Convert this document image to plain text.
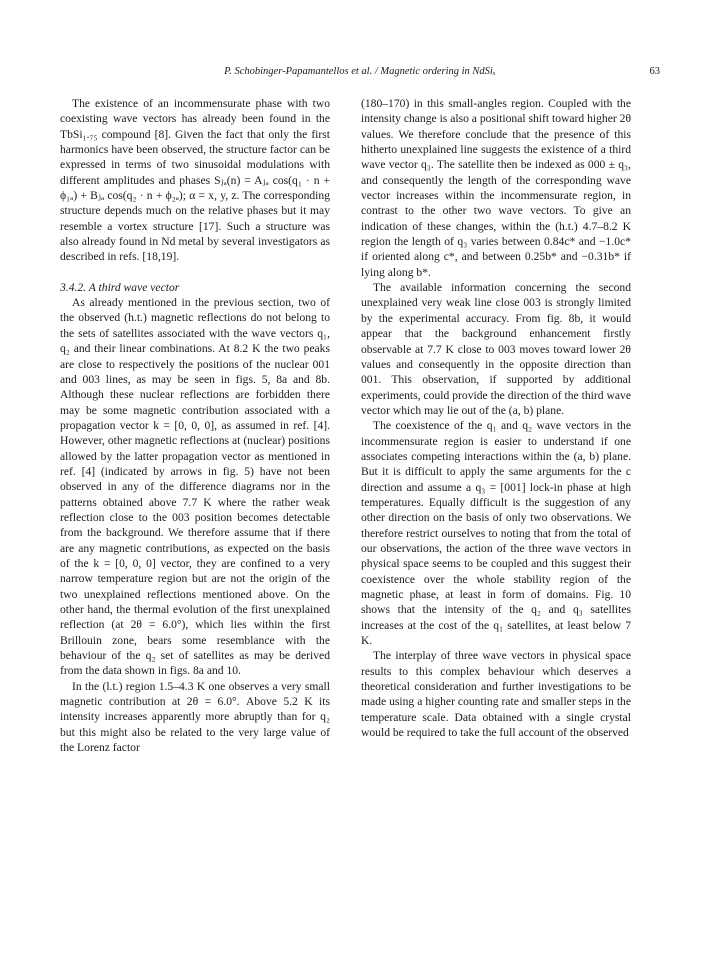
P. Schobinger-Papamantellos et al. / Magnetic ordering in NdSiₓ	63

The existence of an incommensurate phase with two coexisting wave vectors has already been found in the TbSi₁.₇₅ compound [8]. Given the fact that only the first harmonics have been observed, the structure factor can be expressed in terms of two sinusoidal modulations with different amplitudes and phases Sⱼₐ(n) = Aⱼₐ cos(q₁ · n + ϕ₁ₐ) + Bⱼₐ cos(q₂ · n + ϕ₂ₐ); α = x, y, z. The corresponding structure depends much on the relative phases but it may resemble a vortex structure [17]. Such a structure was also already found in Nd metal by several investigators as described in refs. [18,19].

3.4.2. A third wave vector

As already mentioned in the previous section, two of the observed (h.t.) magnetic reflections do not belong to the sets of satellites associated with the wave vectors q₁, q₂ and their linear combinations. At 8.2 K the two peaks are close to respectively the positions of the nuclear 001 and 003 lines, as may be seen in figs. 5, 8a and 8b. Although these nuclear reflections are forbidden there may be some magnetic contribution associated with a propagation vector k = [0, 0, 0], as assumed in ref. [4]. However, other magnetic reflections at (nuclear) positions allowed by the latter propagation vector as mentioned in ref. [4] (indicated by arrows in fig. 5) have not been observed in any of the difference diagrams nor in the patterns obtained above 7.7 K where the rather weak reflection close to the 003 position becomes detectable from the background. We therefore assume that if there are any magnetic contributions, as expected on the basis of the k = [0, 0, 0] vector, they are confined to a very narrow temperature region but are not the origin of the two unexplained reflections mentioned above. On the other hand, the thermal evolution of the first unexplained reflection (at 2θ = 6.0°), which lies within the first Brillouin zone, bears some resemblance with the behaviour of the q₂ set of satellites as may be derived from the data shown in figs. 8a and 10.

In the (l.t.) region 1.5–4.3 K one observes a very small magnetic contribution at 2θ = 6.0°. Above 5.2 K its intensity increases apparently more abruptly than for q₂ but this might also be related to the very large value of the Lorenz factor

(180–170) in this small-angles region. Coupled with the intensity change is also a positional shift toward higher 2θ values. We therefore conclude that the presence of this hitherto unexplained line suggests the existence of a third wave vector q₃. The satellite then be indexed as 000 ± q₃, and consequently the length of the corresponding wave vector increases within the incommensurate region, in contrast to the other two wave vectors. To give an indication of these changes, within the (h.t.) 4.7–8.2 K region the length of q₃ varies between 0.84c* and −1.0c* if oriented along c*, and between 0.25b* and −0.31b* if lying along b*.

The available information concerning the second unexplained very weak line close 003 is strongly limited by the experimental accuracy. From fig. 8b, it would appear that the background enhancement firstly observable at 7.7 K close to 003 moves toward lower 2θ values and consequently in the opposite direction than 001. This observation, if supported by additional experiments, could provide the direction of the third wave vector which may lie out of the (a, b) plane.

The coexistence of the q₁ and q₂ wave vectors in the incommensurate region is easier to understand if one associates competing interactions within the (a, b) plane. But it is difficult to apply the same arguments for the c direction and assume a q₃ = [001] lock-in phase at high temperatures. Equally difficult is the suggestion of any other direction on the basis of only two observations. We therefore restrict ourselves to noting that from the total of our observations, the action of the three wave vectors in physical space seems to be coupled and this suggest their coexistence over the whole stability region of the magnetic phase, at least in form of domains. Fig. 10 shows that the intensity of the q₂ and q₃ satellites increases at the cost of the q₁ satellites, at least below 7 K.

The interplay of three wave vectors in physical space results to this complex behaviour which deserves a theoretical consideration and further investigations to be made using a higher counting rate and smaller steps in the temperature scale. Data obtained with a single crystal would be required to take the full account of the observed
